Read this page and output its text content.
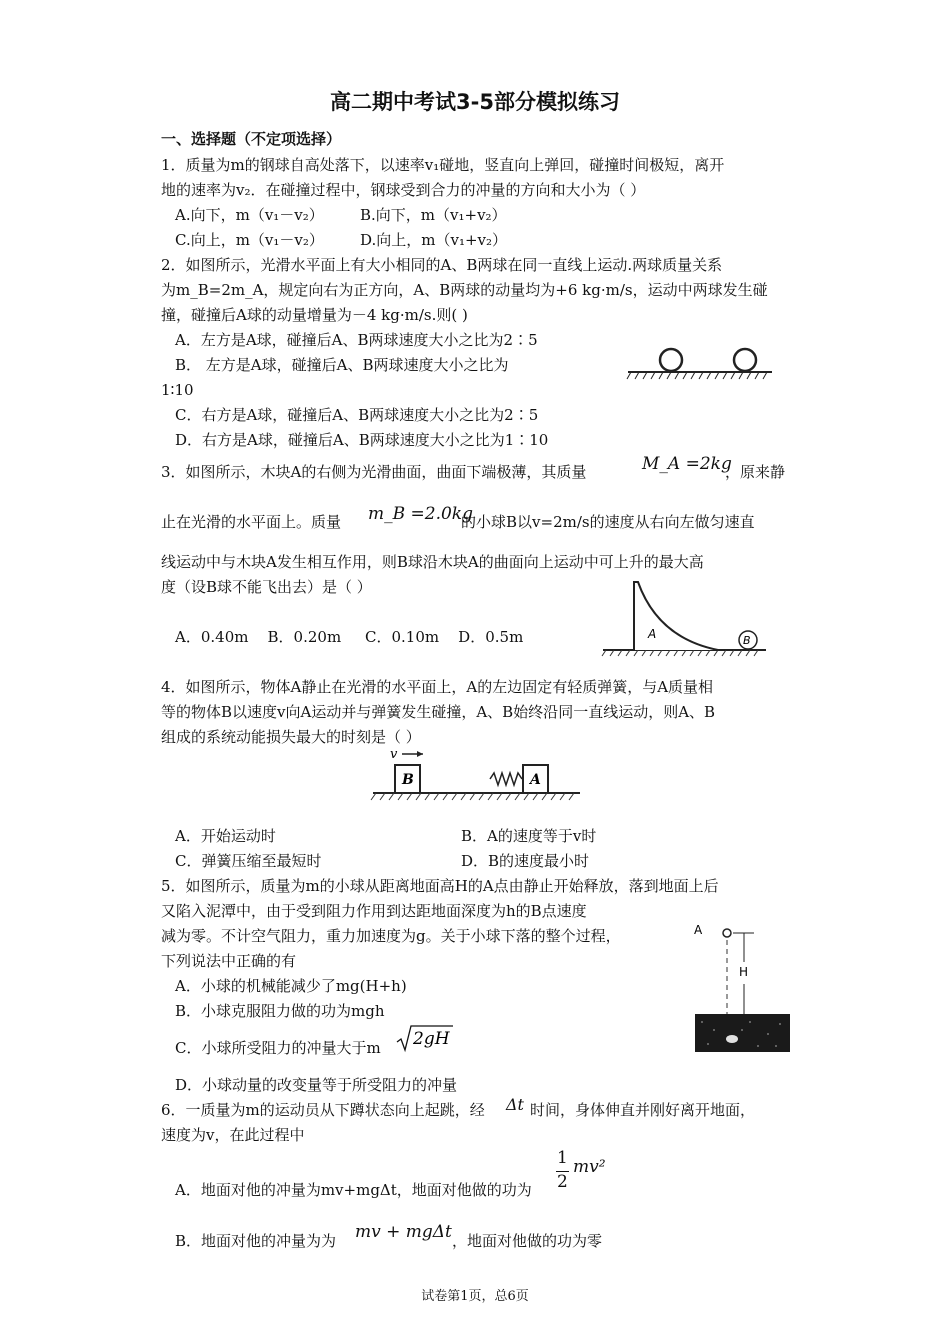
高二期中考试3-5部分模拟练习
一、选择题（不定项选择）
1．质量为m的钢球自高处落下，以速率v₁碰地，竖直向上弹回，碰撞时间极短，离开
地的速率为v₂．在碰撞过程中，钢球受到合力的冲量的方向和大小为（ ）
A.向下，m（v₁－v₂） B.向下，m（v₁+v₂）
C.向上，m（v₁－v₂） D.向上，m（v₁+v₂）
2．如图所示，光滑水平面上有大小相同的A、B两球在同一直线上运动.两球质量关系
为m_B=2m_A，规定向右为正方向，A、B两球的动量均为+6 kg·m/s，运动中两球发生碰
撞，碰撞后A球的动量增量为－4 kg·m/s.则( )
A．左方是A球，碰撞后A、B两球速度大小之比为2∶5
B． 左方是A球，碰撞后A、B两球速度大小之比为
1∶10
C．右方是A球，碰撞后A、B两球速度大小之比为2∶5
D．右方是A球，碰撞后A、B两球速度大小之比为1∶10
3．如图所示，木块A的右侧为光滑曲面，曲面下端极薄，其质量	M_A =2kg
，原来静
止在光滑的水平面上。质量 m_B =2.0kg
的小球B以v=2m/s的速度从右向左做匀速直
线运动中与木块A发生相互作用，则B球沿木块A的曲面向上运动中可上升的最大高
度（设B球不能飞出去）是（ ）
A．0.40m    B．0.20m     C．0.10m    D．0.5m	A	B
4．如图所示，物体A静止在光滑的水平面上，A的左边固定有轻质弹簧，与A质量相
等的物体B以速度v向A运动并与弹簧发生碰撞，A、B始终沿同一直线运动，则A、B
组成的系统动能损失最大的时刻是（ ）
v
B	A
A．开始运动时	B．A的速度等于v时
C．弹簧压缩至最短时	D．B的速度最小时
5．如图所示，质量为m的小球从距离地面高H的A点由静止开始释放，落到地面上后
又陷入泥潭中，由于受到阻力作用到达距地面深度为h的B点速度
减为零。不计空气阻力，重力加速度为g。关于小球下落的整个过程，
下列说法中正确的有
A．小球的机械能减少了mg(H+h)
B．小球克服阻力做的功为mgh
C．小球所受阻力的冲量大于m 2gH
D．小球动量的改变量等于所受阻力的冲量
A
H
6．一质量为m的运动员从下蹲状态向上起跳，经 Δt 时间，身体伸直并刚好离开地面，
速度为v，在此过程中
A．地面对他的冲量为mv+mgΔt，地面对他做的功为
1
2
mv²
B．地面对他的冲量为为 mv + mgΔt ，地面对他做的功为零
试卷第1页，总6页
